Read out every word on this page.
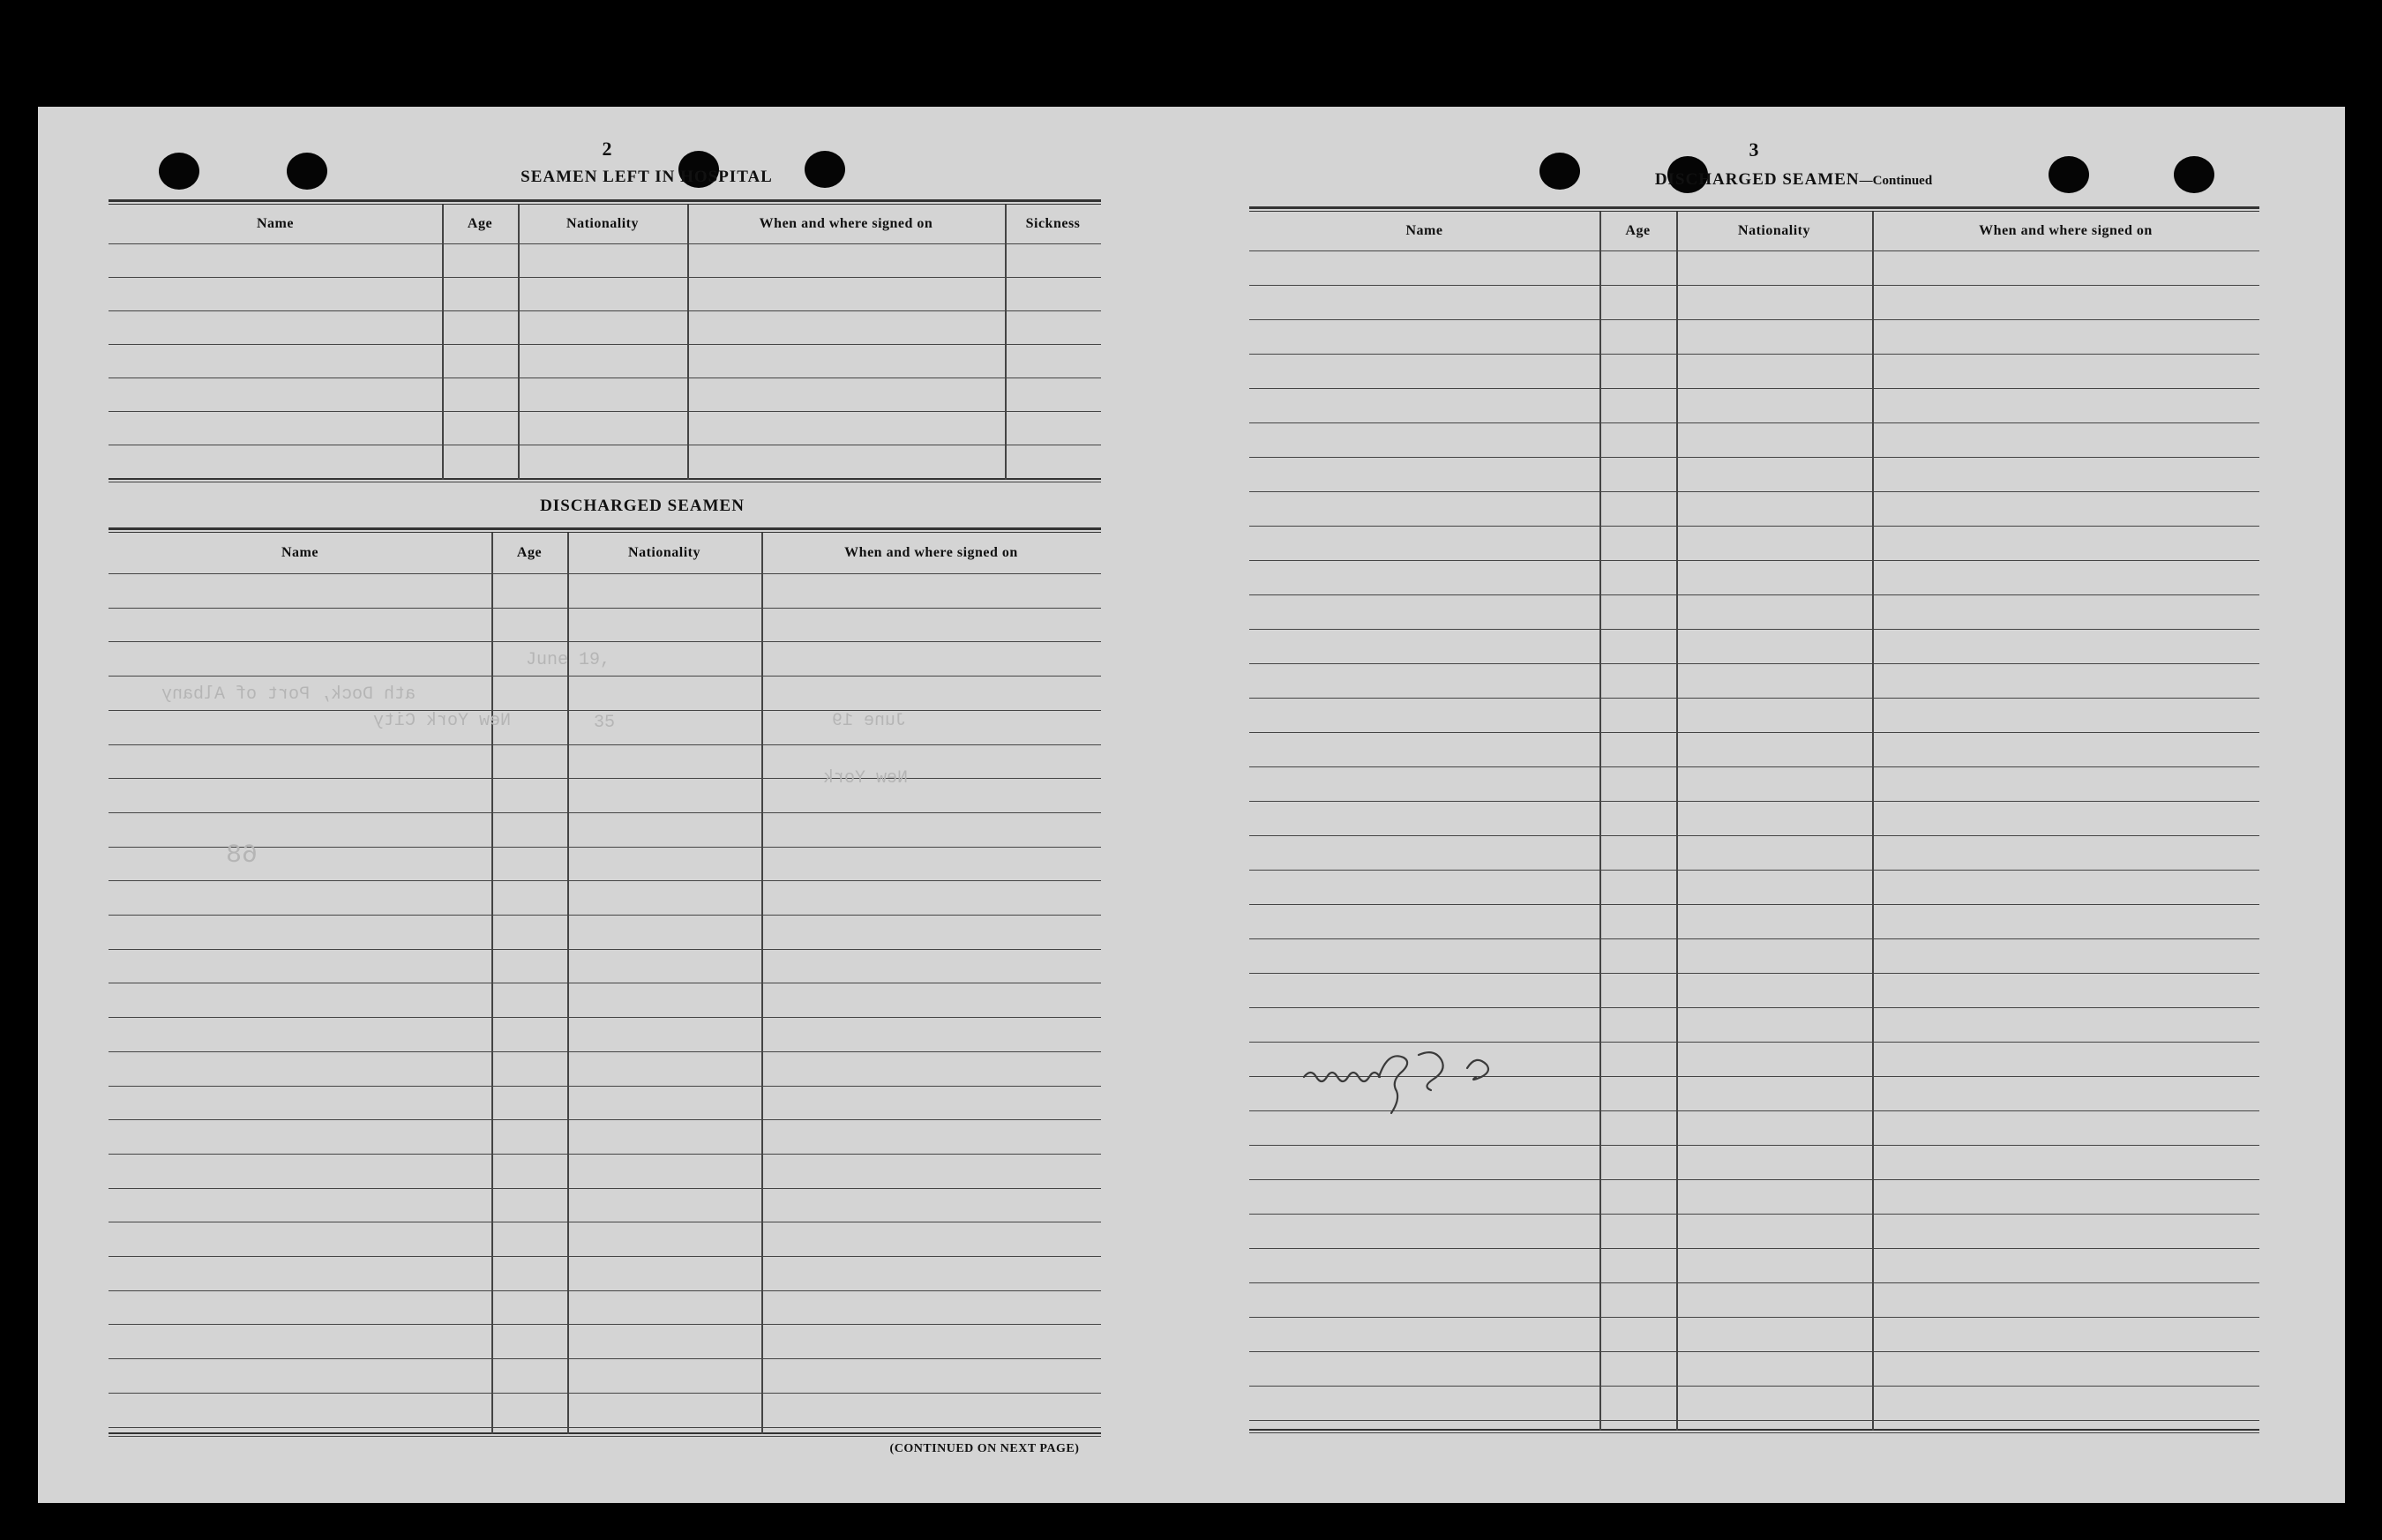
2
SEAMEN LEFT IN HOSPITAL
Name	Age	Nationality	When and where signed on	Sickness
DISCHARGED SEAMEN
Name	Age	Nationality	When and where signed on
(CONTINUED ON NEXT PAGE)
June 19,
ath Dock, Port of Albany
New York City	June 19
New York
35
68
3
DISCHARGED SEAMEN—Continued
Name	Age	Nationality	When and where signed on
